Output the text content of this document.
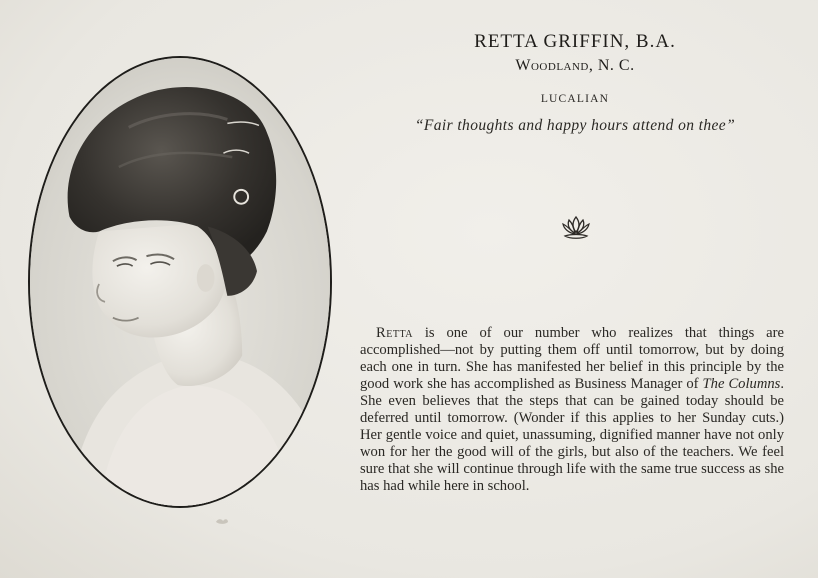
RETTA GRIFFIN, B.A.

Woodland, N. C.

LUCALIAN

“Fair thoughts and happy hours attend on thee”

Retta is one of our number who realizes that things are accomplished—not by putting them off until tomorrow, but by doing each one in turn. She has manifested her belief in this principle by the good work she has accomplished as Business Manager of The Columns. She even believes that the steps that can be gained today should be deferred until tomorrow. (Wonder if this applies to her Sunday cuts.) Her gentle voice and quiet, unassuming, dignified manner have not only won for her the good will of the girls, but also of the teachers. We feel sure that she will continue through life with the same true success as she has had while here in school.
